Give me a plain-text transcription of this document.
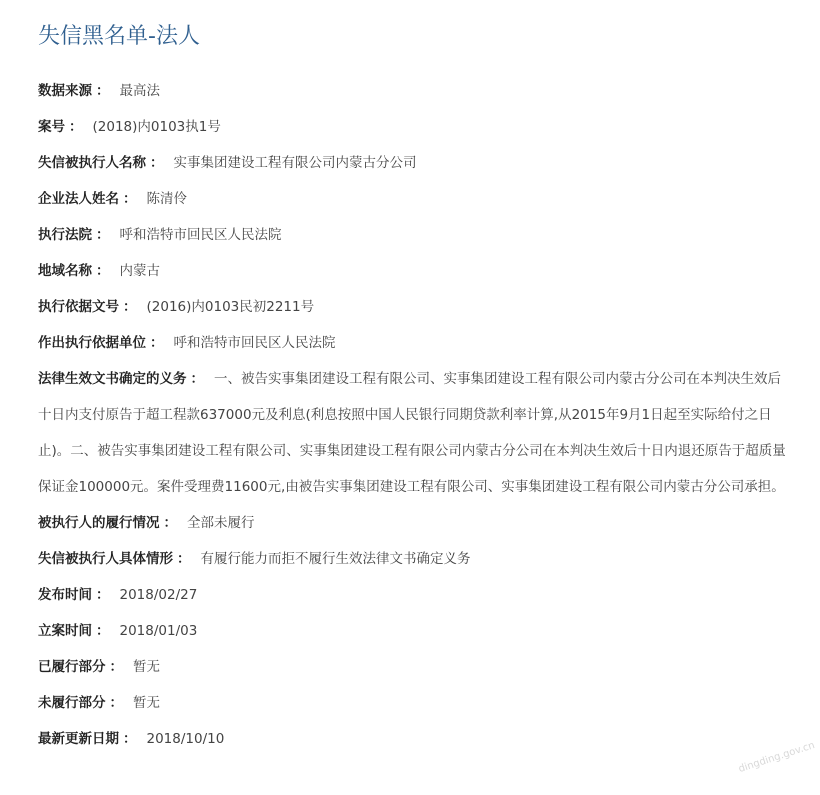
失信黑名单-法人
数据来源 ： 最高法
案号 ： (2018)内0103执1号
失信被执行人名称 ： 实事集团建设工程有限公司内蒙古分公司
企业法人姓名 ： 陈清伶
执行法院 ： 呼和浩特市回民区人民法院
地域名称 ： 内蒙古
执行依据文号 ： (2016)内0103民初2211号
作出执行依据单位 ： 呼和浩特市回民区人民法院
法律生效文书确定的义务 ： 一、被告实事集团建设工程有限公司、实事集团建设工程有限公司内蒙古分公司在本判决生效后十日内支付原告于超工程款637000元及利息(利息按照中国人民银行同期贷款利率计算,从2015年9月1日起至实际给付之日止)。二、被告实事集团建设工程有限公司、实事集团建设工程有限公司内蒙古分公司在本判决生效后十日内退还原告于超质量保证金100000元。案件受理费11600元,由被告实事集团建设工程有限公司、实事集团建设工程有限公司内蒙古分公司承担。
被执行人的履行情况 ： 全部未履行
失信被执行人具体情形 ： 有履行能力而拒不履行生效法律文书确定义务
发布时间 ： 2018/02/27
立案时间 ： 2018/01/03
已履行部分 ： 暂无
未履行部分 ： 暂无
最新更新日期 ： 2018/10/10
dingding.gov.cn
